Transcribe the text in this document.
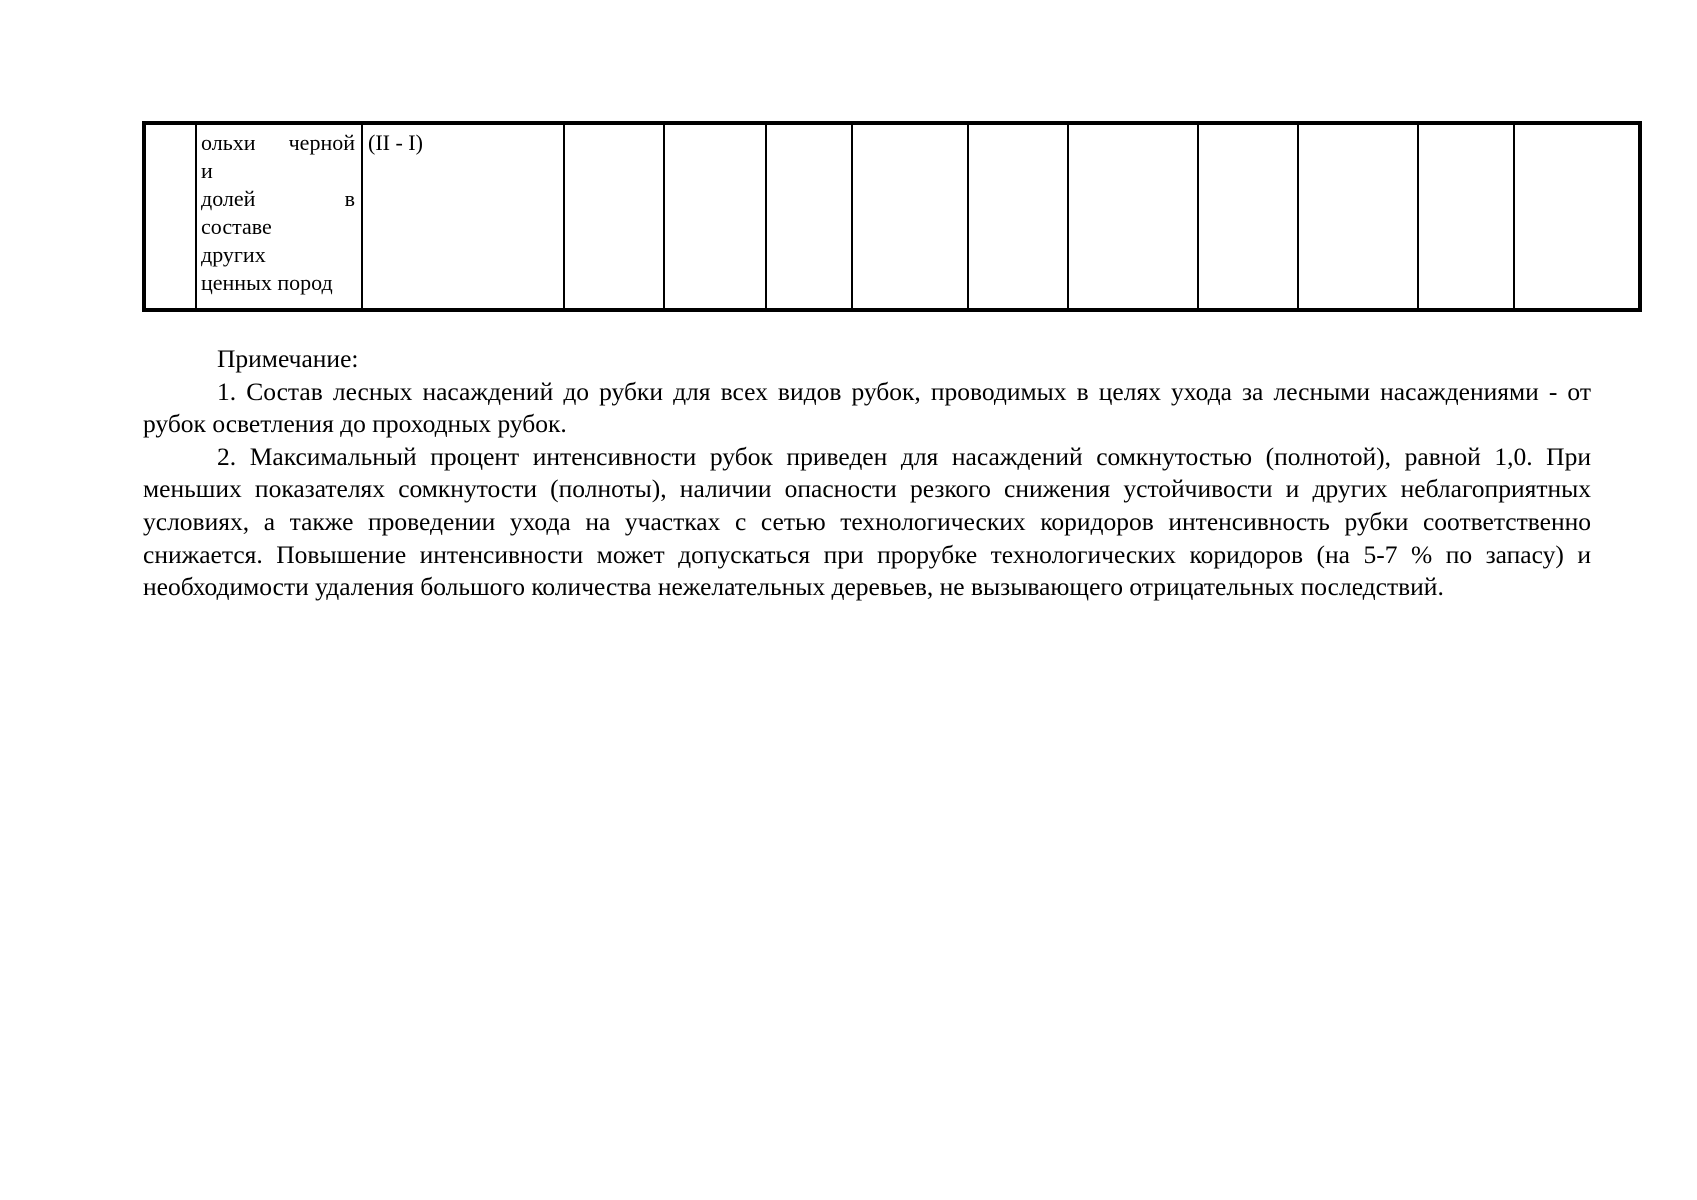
ольхи черной
и
долей в
составе
других
ценных пород
	(II - I)										

Примечание:

1. Состав лесных насаждений до рубки для всех видов рубок, проводимых в целях ухода за лесными насаждениями - от рубок осветления до проходных рубок.

2. Максимальный процент интенсивности рубок приведен для насаждений сомкнутостью (полнотой), равной 1,0. При меньших показателях сомкнутости (полноты), наличии опасности резкого снижения устойчивости и других неблагоприятных условиях, а также проведении ухода на участках с сетью технологических коридоров интенсивность рубки соответственно снижается. Повышение интенсивности может допускаться при прорубке технологических коридоров (на 5-7 % по запасу) и необходимости удаления большого количества нежелательных деревьев, не вызывающего отрицательных последствий.
